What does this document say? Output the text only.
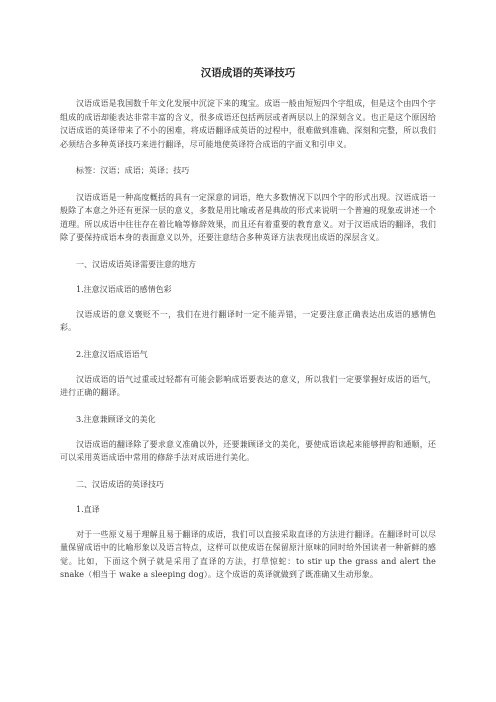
汉语成语的英译技巧

汉语成语是我国数千年文化发展中沉淀下来的瑰宝。成语一般由短短四个字组成，但是这个由四个字组成的成语却能表达非常丰富的含义，很多成语还包括两层或者两层以上的深刻含义。也正是这个原因给汉语成语的英译带来了不小的困难，将成语翻译成英语的过程中，很难做到准确、深刻和完整，所以我们必须结合多种英译技巧来进行翻译，尽可能地使英译符合成语的字面义和引申义。

标签：汉语；成语；英译；技巧

汉语成语是一种高度概括的具有一定深意的词语，绝大多数情况下以四个字的形式出现。汉语成语一般除了本意之外还有更深一层的意义，多数是用比喻或者是典故的形式来说明一个普遍的现象或讲述一个道理。所以成语中往往存在着比喻等修辞效果，而且还有着重要的教育意义。对于汉语成语的翻译，我们除了要保持成语本身的表面意义以外，还要注意结合多种英译方法表现出成语的深层含义。

一、汉语成语英译需要注意的地方

1.注意汉语成语的感情色彩

汉语成语的意义褒贬不一，我们在进行翻译时一定不能弄错，一定要注意正确表达出成语的感情色彩。

2.注意汉语成语语气

汉语成语的语气过重或过轻都有可能会影响成语要表达的意义，所以我们一定要掌握好成语的语气，进行正确的翻译。

3.注意兼顾译文的美化

汉语成语的翻译除了要求意义准确以外，还要兼顾译文的美化，要使成语读起来能够押韵和通顺，还可以采用英语成语中常用的修辞手法对成语进行美化。

二、汉语成语的英译技巧

1.直译

对于一些原义易于理解且易于翻译的成语，我们可以直接采取直译的方法进行翻译。在翻译时可以尽量保留成语中的比喻形象以及语言特点，这样可以使成语在保留原汁原味的同时给外国读者一种新鲜的感觉。比如，下面这个例子就是采用了直译的方法，打草惊蛇：to stir up the grass and alert the snake（相当于 wake a sleeping dog）。这个成语的英译就做到了既准确又生动形象。
